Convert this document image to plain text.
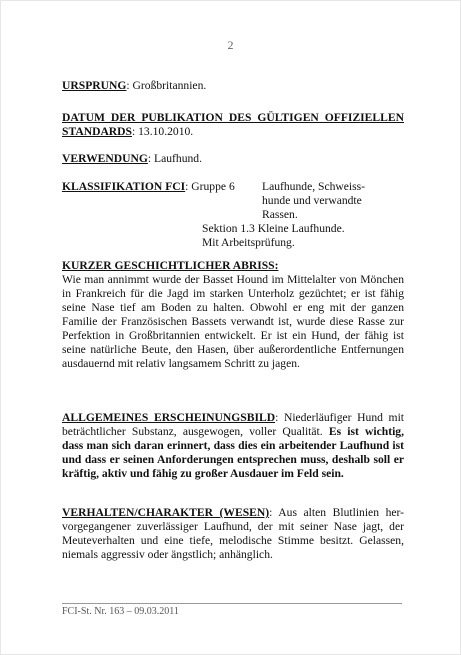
2
URSPRUNG: Großbritannien.
DATUM DER PUBLIKATION DES GÜLTIGEN OFFIZIELLEN STANDARDS: 13.10.2010.
VERWENDUNG: Laufhund.
KLASSIFIKATION FCI: Gruppe 6 Laufhunde, Schweiss-
hunde und verwandte
Rassen.
Sektion 1.3 Kleine Laufhunde.
Mit Arbeitsprüfung.
KURZER GESCHICHTLICHER ABRISS:
Wie man annimmt wurde der Basset Hound im Mittelalter von Mönchen in Frankreich für die Jagd im starken Unterholz gezüchtet; er ist fähig seine Nase tief am Boden zu halten. Obwohl er eng mit der ganzen Familie der Französischen Bassets verwandt ist, wurde diese Rasse zur Perfektion in Großbritannien entwickelt. Er ist ein Hund, der fähig ist seine natürliche Beute, den Hasen, über außerordentliche Entfernungen ausdauernd mit relativ langsamem Schritt zu jagen.
ALLGEMEINES ERSCHEINUNGSBILD: Niederläufiger Hund mit beträchtlicher Substanz, ausgewogen, voller Qualität. Es ist wichtig, dass man sich daran erinnert, dass dies ein arbeitender Laufhund ist und dass er seinen Anforderungen entsprechen muss, deshalb soll er kräftig, aktiv und fähig zu großer Ausdauer im Feld sein.
VERHALTEN/CHARAKTER (WESEN): Aus alten Blutlinien her- vorgegangener zuverlässiger Laufhund, der mit seiner Nase jagt, der Meuteverhalten und eine tiefe, melodische Stimme besitzt. Gelassen, niemals aggressiv oder ängstlich; anhänglich.
FCI-St. Nr. 163 – 09.03.2011
